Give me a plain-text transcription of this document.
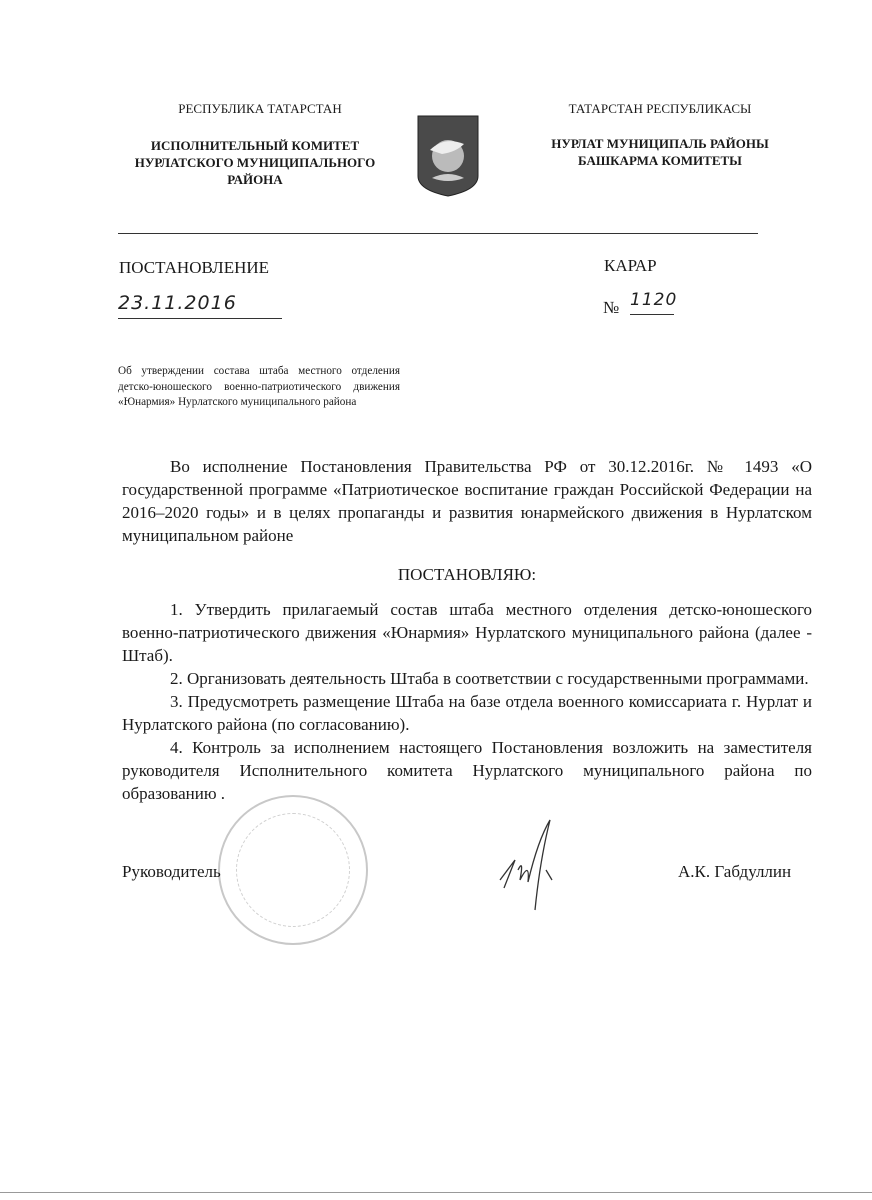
РЕСПУБЛИКА ТАТАРСТАН
ИСПОЛНИТЕЛЬНЫЙ КОМИТЕТ
НУРЛАТСКОГО МУНИЦИПАЛЬНОГО
РАЙОНА
ТАТАРСТАН РЕСПУБЛИКАСЫ
НУРЛАТ МУНИЦИПАЛЬ РАЙОНЫ
БАШКАРМА КОМИТЕТЫ
ПОСТАНОВЛЕНИЕ	КАРАР
23.11.2016	№ 1120
Об утверждении состава штаба местного отделения детско-юношеского военно-патриотического движения «Юнармия» Нурлатского муниципального района

Во исполнение Постановления Правительства РФ от 30.12.2016г. № 1493 «О государственной программе «Патриотическое воспитание граждан Российской Федерации на 2016–2020 годы» и в целях пропаганды и развития юнармейского движения в Нурлатском муниципальном районе

ПОСТАНОВЛЯЮ:

1. Утвердить прилагаемый состав штаба местного отделения детско-юношеского военно-патриотического движения «Юнармия» Нурлатского муниципального района (далее - Штаб).

2. Организовать деятельность Штаба в соответствии с государственными программами.

3. Предусмотреть размещение Штаба на базе отдела военного комиссариата г. Нурлат и Нурлатского района (по согласованию).

4. Контроль за исполнением настоящего Постановления возложить на заместителя руководителя Исполнительного комитета Нурлатского муниципального района по образованию .

Руководитель	А.К. Габдуллин
